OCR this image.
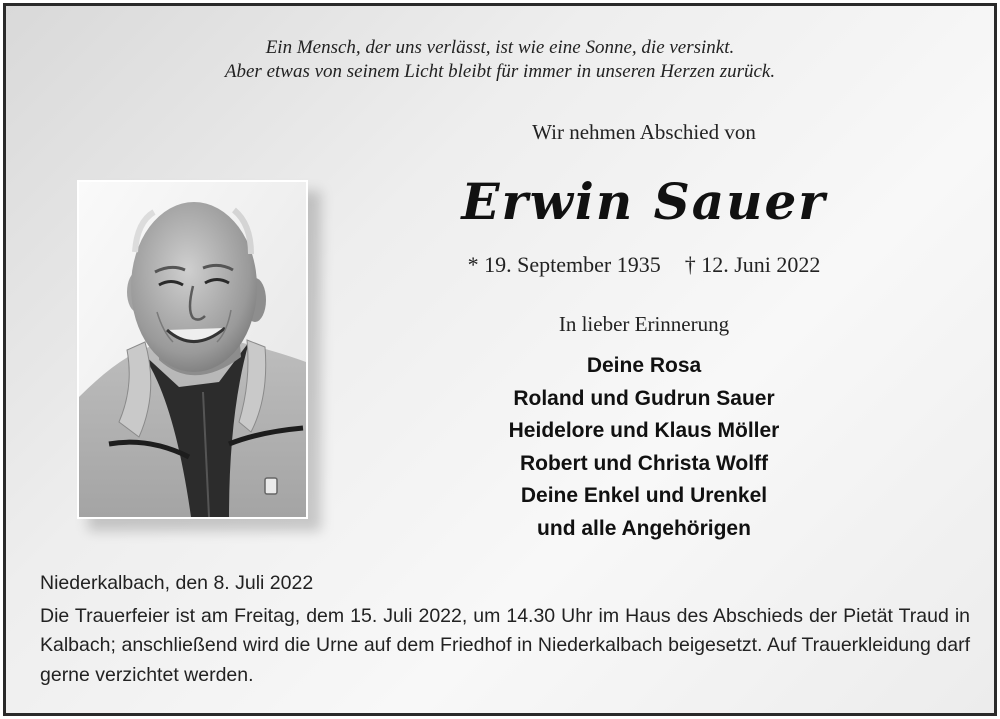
Ein Mensch, der uns verlässt, ist wie eine Sonne, die versinkt.
Aber etwas von seinem Licht bleibt für immer in unseren Herzen zurück.
Wir nehmen Abschied von
Erwin Sauer
* 19. September 1935 † 12. Juni 2022
In lieber Erinnerung
Deine Rosa
Roland und Gudrun Sauer
Heidelore und Klaus Möller
Robert und Christa Wolff
Deine Enkel und Urenkel
und alle Angehörigen
Niederkalbach, den 8. Juli 2022
Die Trauerfeier ist am Freitag, dem 15. Juli 2022, um 14.30 Uhr im Haus des Abschieds der Pietät Traud in Kalbach; anschließend wird die Urne auf dem Friedhof in Niederkalbach beigesetzt. Auf Trauerkleidung darf gerne verzichtet werden.
